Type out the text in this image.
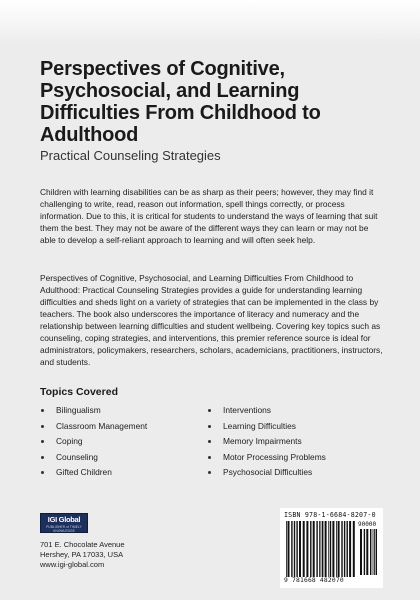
Perspectives of Cognitive, Psychosocial, and Learning Difficulties From Childhood to Adulthood

Practical Counseling Strategies

Children with learning disabilities can be as sharp as their peers; however, they may find it challenging to write, read, reason out information, spell things correctly, or process information. Due to this, it is critical for students to understand the ways of learning that suit them the best. They may not be aware of the different ways they can learn or may not be able to develop a self-reliant approach to learning and will often seek help.

Perspectives of Cognitive, Psychosocial, and Learning Difficulties From Childhood to Adulthood: Practical Counseling Strategies provides a guide for understanding learning difficulties and sheds light on a variety of strategies that can be implemented in the class by teachers. The book also underscores the importance of literacy and numeracy and the relationship between learning difficulties and student wellbeing. Covering key topics such as counseling, coping strategies, and interventions, this premier reference source is ideal for administrators, policymakers, researchers, scholars, academicians, practitioners, instructors, and students.

Topics Covered
Bilingualism
Classroom Management
Coping
Counseling
Gifted Children
Interventions
Learning Difficulties
Memory Impairments
Motor Processing Problems
Psychosocial Difficulties
IGI Global
PUBLISHER of TIMELY KNOWLEDGE

701 E. Chocolate Avenue
Hershey, PA 17033, USA
www.igi-global.com

ISBN 978-1-6684-8207-0
90000
9 781668 482070
